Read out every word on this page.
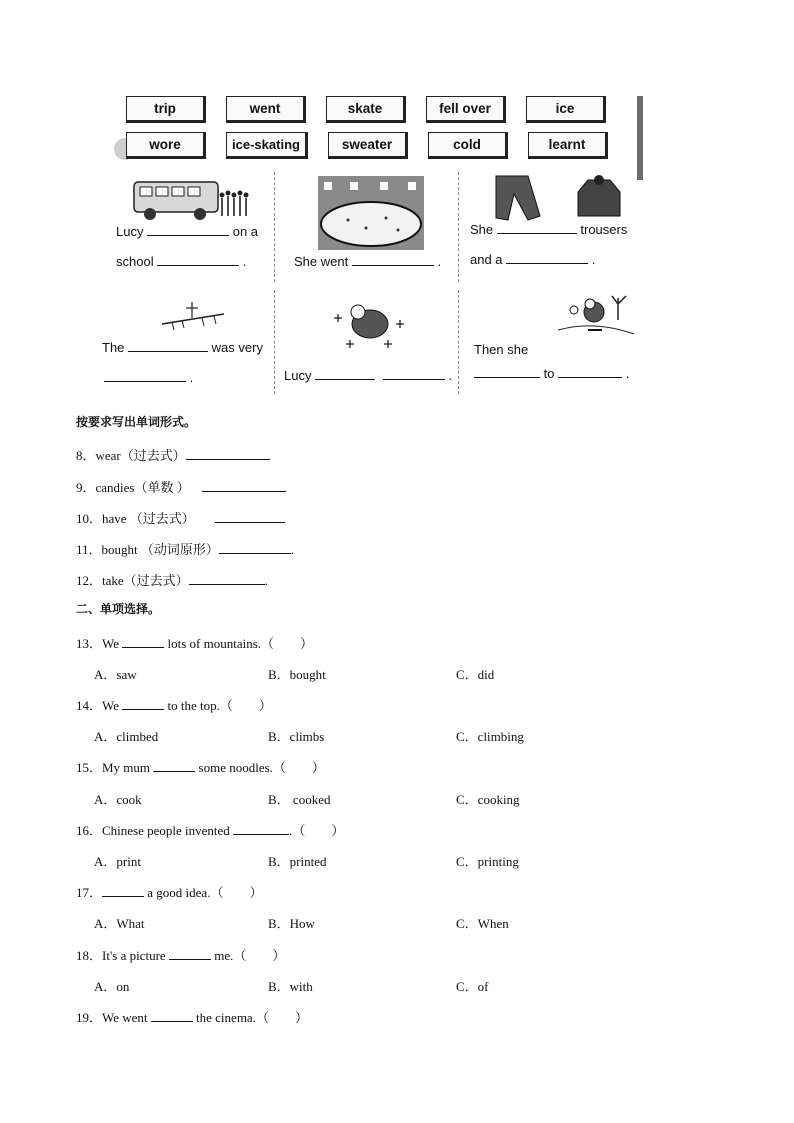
trip	went	skate	fell over	ice
wore	ice-skating	sweater	cold	learnt
Lucy	on a
school	.	She went	.
She	trousers
and a	.
The	was very
.	Lucy	.
Then she
to	.
按要求写出单词形式。
8．wear（过去式）
9．candies（单数 ）
10．have （过去式）
11．bought （动词原形）	.
12．take（过去式）	.
二、单项选择。
13．We	lots of mountains.（　　）
A．saw	B．bought	C．did
14．We	to the top.（　　）
A．climbed	B．climbs	C．climbing
15．My mum	some noodles.（　　）
A．cook	B． cooked	C．cooking
16．Chinese people invented	.（　　）
A．print	B．printed	C．printing
17．	a good idea.（　　）
A．What	B．How	C．When
18．It's a picture	me.（　　）
A．on	B．with	C．of
19．We went	the cinema.（　　）
